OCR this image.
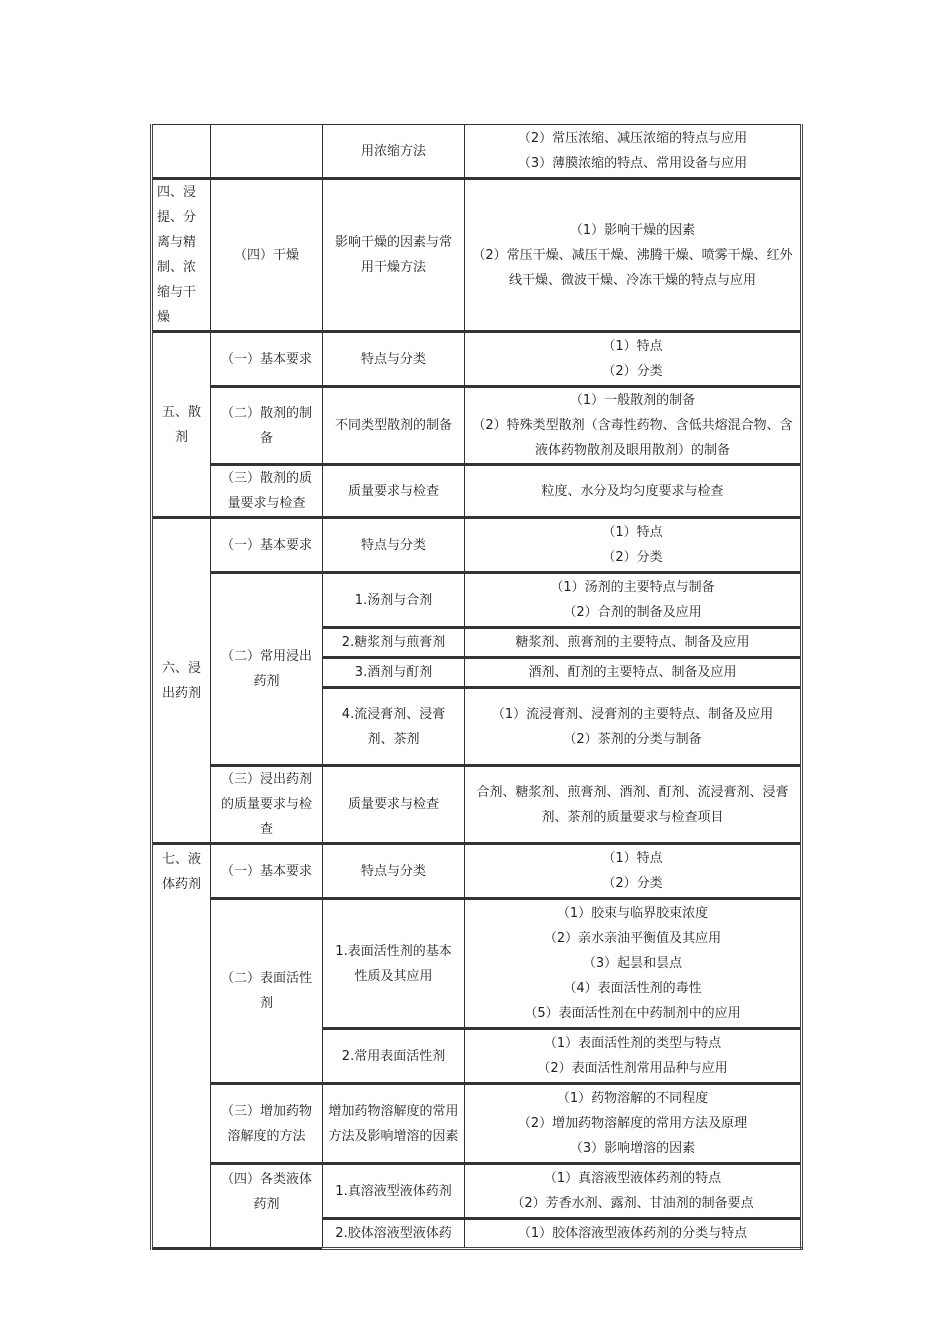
		用浓缩方法	（2）常压浓缩、减压浓缩的特点与应用
（3）薄膜浓缩的特点、常用设备与应用

四、浸提、分离与精制、浓缩与干燥	（四）干燥	影响干燥的因素与常用干燥方法	（1）影响干燥的因素
（2）常压干燥、减压干燥、沸腾干燥、喷雾干燥、红外线干燥、微波干燥、冷冻干燥的特点与应用

五、散剂	（一）基本要求	特点与分类	（1）特点
（2）分类

	（二）散剂的制备	不同类型散剂的制备	（1）一般散剂的制备
（2）特殊类型散剂（含毒性药物、含低共熔混合物、含液体药物散剂及眼用散剂）的制备

	（三）散剂的质量要求与检查	质量要求与检查	粒度、水分及均匀度要求与检查
六、浸出药剂	（一）基本要求	特点与分类	（1）特点
（2）分类

	（二）常用浸出药剂	1.汤剂与合剂	（1）汤剂的主要特点与制备
（2）合剂的制备及应用

		2.糖浆剂与煎膏剂	糖浆剂、煎膏剂的主要特点、制备及应用
		3.酒剂与酊剂	酒剂、酊剂的主要特点、制备及应用
		4.流浸膏剂、浸膏剂、茶剂	（1）流浸膏剂、浸膏剂的主要特点、制备及应用
（2）茶剂的分类与制备

	（三）浸出药剂的质量要求与检查	质量要求与检查	合剂、糖浆剂、煎膏剂、酒剂、酊剂、流浸膏剂、浸膏剂、茶剂的质量要求与检查项目
七、液体药剂	（一）基本要求	特点与分类	（1）特点
（2）分类

	（二）表面活性剂	1.表面活性剂的基本性质及其应用	（1）胶束与临界胶束浓度
（2）亲水亲油平衡值及其应用
（3）起昙和昙点
（4）表面活性剂的毒性
（5）表面活性剂在中药制剂中的应用

		2.常用表面活性剂	（1）表面活性剂的类型与特点
（2）表面活性剂常用品种与应用

	（三）增加药物溶解度的方法	增加药物溶解度的常用方法及影响增溶的因素	（1）药物溶解的不同程度
（2）增加药物溶解度的常用方法及原理
（3）影响增溶的因素

	（四）各类液体药剂	1.真溶液型液体药剂	（1）真溶液型液体药剂的特点
（2）芳香水剂、露剂、甘油剂的制备要点

		2.胶体溶液型液体药	（1）胶体溶液型液体药剂的分类与特点
